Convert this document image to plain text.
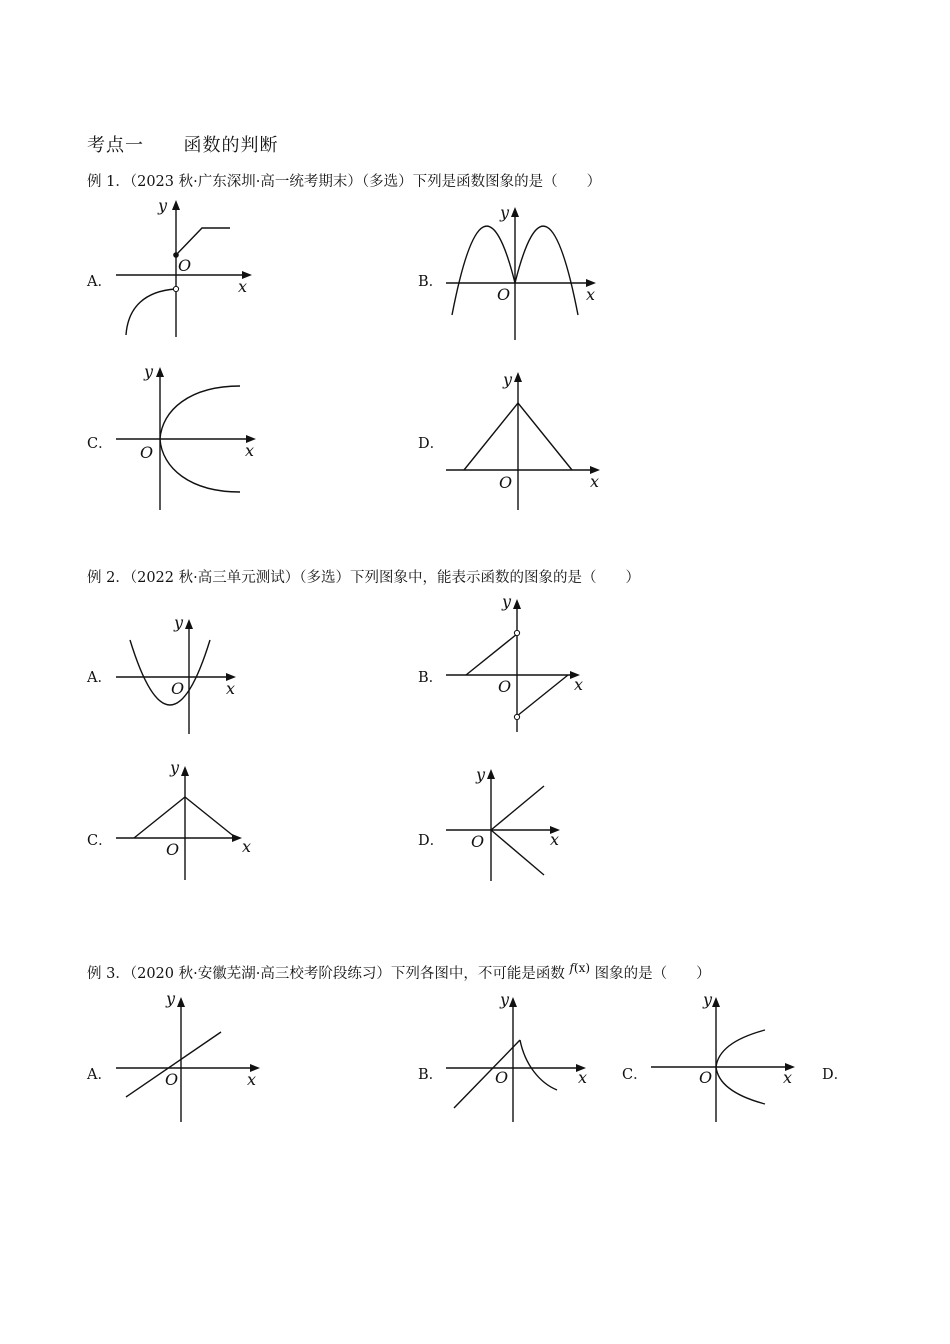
考点一 函数的判断
例 1．（2023 秋·广东深圳·高一统考期末）（多选）下列是函数图象的是（　　）
A．	x
y
O
B．
x
y
O
C．	x
y
O	D．
x
y
O
例 2．（2022 秋·高三单元测试）（多选）下列图象中，能表示函数的图象的是（　　）
A．
x
y
O
B．	x
y
O
C．	x
y
O	D．	x
y
O
例 3．（2020 秋·安徽芜湖·高三校考阶段练习）下列各图中，不可能是函数 $^{f(x)}$ 图象的是（　　）
A．	x
y
O	B．	x
y
O	C．	x
y
O	D．
